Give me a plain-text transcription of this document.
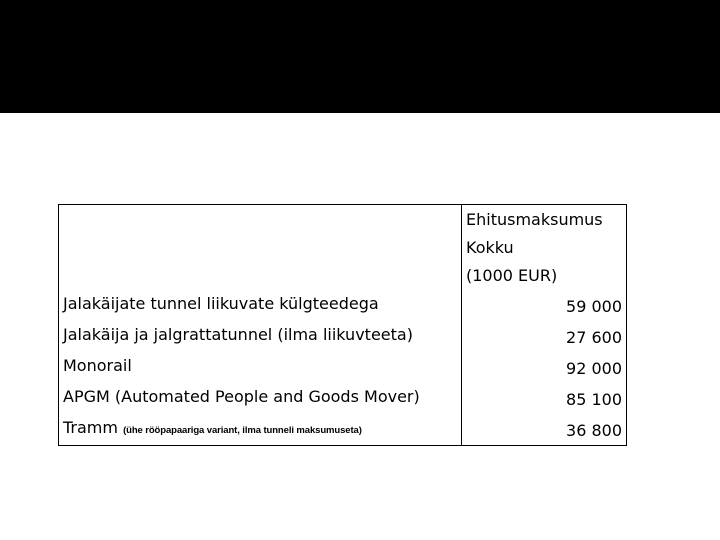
	Ehitusmaksumus
Kokku
(1000 EUR)
Jalakäijate tunnel liikuvate külgteedega	59 000
Jalakäija ja jalgrattatunnel (ilma liikuvteeta)	27 600
Monorail	92 000
APGM (Automated People and Goods Mover)	85 100
Tramm (ühe rööpapaariga variant, ilma tunneli maksumuseta)	36 800
